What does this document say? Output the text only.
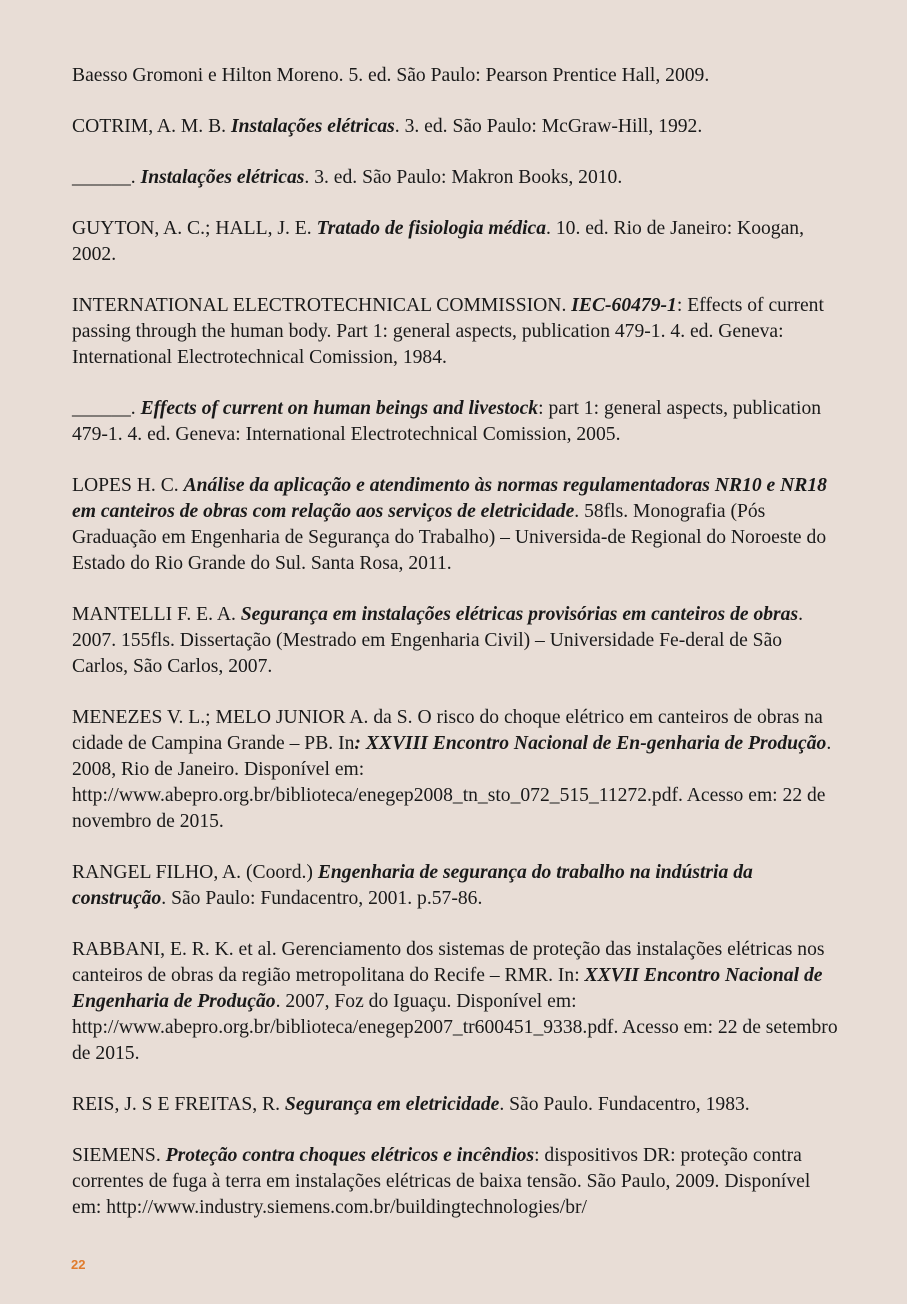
Baesso Gromoni e Hilton Moreno. 5. ed. São Paulo: Pearson Prentice Hall, 2009.

COTRIM, A. M. B. Instalações elétricas. 3. ed. São Paulo: McGraw-Hill, 1992.

______. Instalações elétricas. 3. ed. São Paulo: Makron Books, 2010.

GUYTON, A. C.; HALL, J. E. Tratado de fisiologia médica. 10. ed. Rio de Janeiro: Koogan, 2002.

INTERNATIONAL ELECTROTECHNICAL COMMISSION. IEC-60479-1: Effects of current passing through the human body. Part 1: general aspects, publication 479-1. 4. ed. Geneva: International Electrotechnical Comission, 1984.

______. Effects of current on human beings and livestock: part 1: general aspects, publication 479-1. 4. ed. Geneva: International Electrotechnical Comission, 2005.

LOPES H. C. Análise da aplicação e atendimento às normas regulamentadoras NR10 e NR18 em canteiros de obras com relação aos serviços de eletricidade. 58fls. Monografia (Pós Graduação em Engenharia de Segurança do Trabalho) – Universida-de Regional do Noroeste do Estado do Rio Grande do Sul. Santa Rosa, 2011.

MANTELLI F. E. A. Segurança em instalações elétricas provisórias em canteiros de obras. 2007. 155fls. Dissertação (Mestrado em Engenharia Civil) – Universidade Fe-deral de São Carlos, São Carlos, 2007.

MENEZES V. L.; MELO JUNIOR A. da S. O risco do choque elétrico em canteiros de obras na cidade de Campina Grande – PB. In: XXVIII Encontro Nacional de En-genharia de Produção. 2008, Rio de Janeiro. Disponível em: http://www.abepro.org.br/biblioteca/enegep2008_tn_sto_072_515_11272.pdf. Acesso em: 22 de novembro de 2015.

RANGEL FILHO, A. (Coord.) Engenharia de segurança do trabalho na indústria da construção. São Paulo: Fundacentro, 2001. p.57-86.

RABBANI, E. R. K. et al. Gerenciamento dos sistemas de proteção das instalações elétricas nos canteiros de obras da região metropolitana do Recife – RMR. In: XXVII Encontro Nacional de Engenharia de Produção. 2007, Foz do Iguaçu. Disponível em: http://www.abepro.org.br/biblioteca/enegep2007_tr600451_9338.pdf. Acesso em: 22 de setembro de 2015.

REIS, J. S E FREITAS, R. Segurança em eletricidade. São Paulo. Fundacentro, 1983.

SIEMENS. Proteção contra choques elétricos e incêndios: dispositivos DR: proteção contra correntes de fuga à terra em instalações elétricas de baixa tensão. São Paulo, 2009. Disponível em: http://www.industry.siemens.com.br/buildingtechnologies/br/

22
